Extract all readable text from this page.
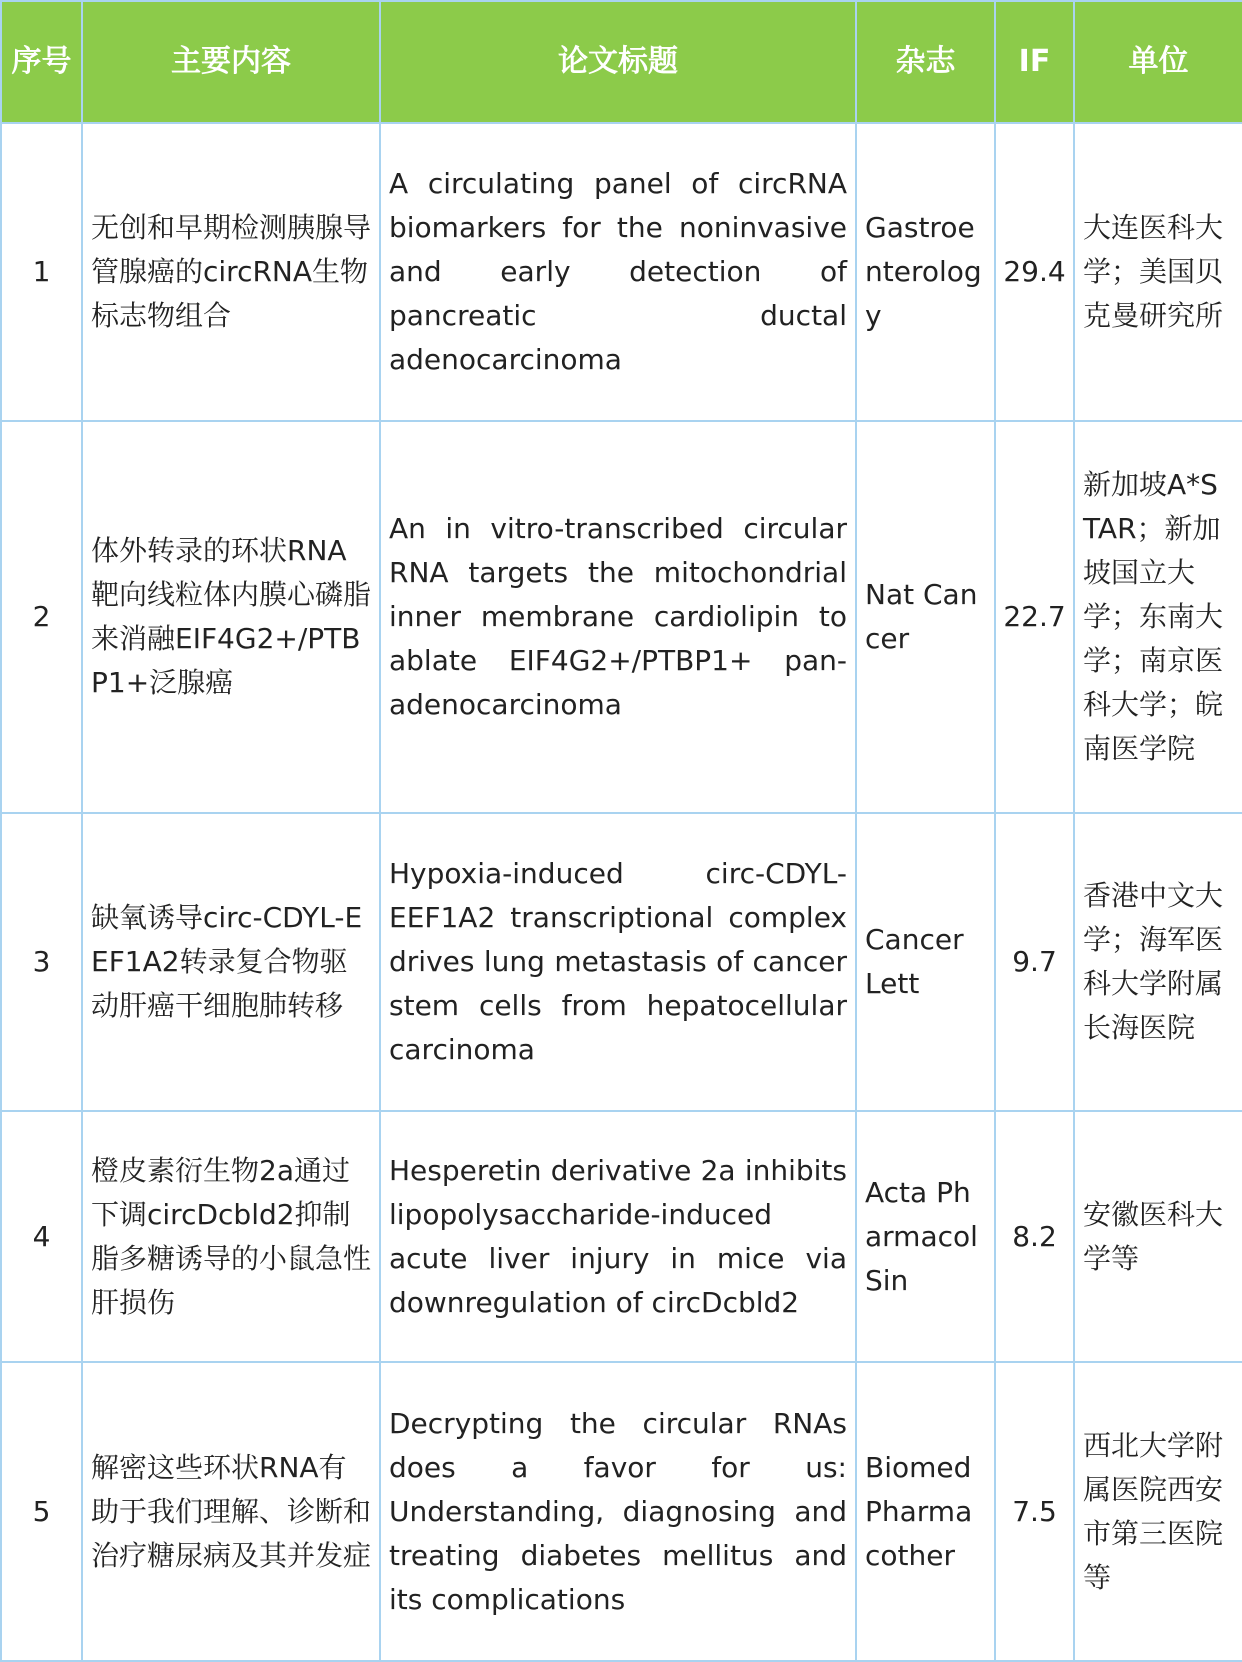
序号	主要内容	论文标题	杂志	IF	单位
1	无创和早期检测胰腺导管腺癌的circRNA生物标志物组合	A circulating panel of circRNA biomarkers for the noninvasive and early detection of pancreatic ductal adenocarcinoma	Gastroenterology	29.4	大连医科大学；美国贝克曼研究所
2	体外转录的环状RNA靶向线粒体内膜心磷脂来消融EIF4G2+/PTBP1+泛腺癌	An in vitro-transcribed circular RNA targets the mitochondrial inner membrane cardiolipin to ablate EIF4G2+/PTBP1+ pan-adenocarcinoma	Nat Cancer	22.7	新加坡A*STAR；新加坡国立大学；东南大学；南京医科大学；皖南医学院
3	缺氧诱导circ-CDYL-EEF1A2转录复合物驱动肝癌干细胞肺转移	Hypoxia-induced circ-CDYL-EEF1A2 transcriptional complex drives lung metastasis of cancer stem cells from hepatocellular carcinoma	Cancer Lett	9.7	香港中文大学；海军医科大学附属长海医院
4	橙皮素衍生物2a通过下调circDcbld2抑制脂多糖诱导的小鼠急性肝损伤	Hesperetin derivative 2a inhibits lipopolysaccharide-induced acute liver injury in mice via downregulation of circDcbld2	Acta Pharmacol Sin	8.2	安徽医科大学等
5	解密这些环状RNA有助于我们理解、诊断和治疗糖尿病及其并发症	Decrypting the circular RNAs does a favor for us: Understanding, diagnosing and treating diabetes mellitus and its complications	Biomed Pharmacother	7.5	西北大学附属医院西安市第三医院等
